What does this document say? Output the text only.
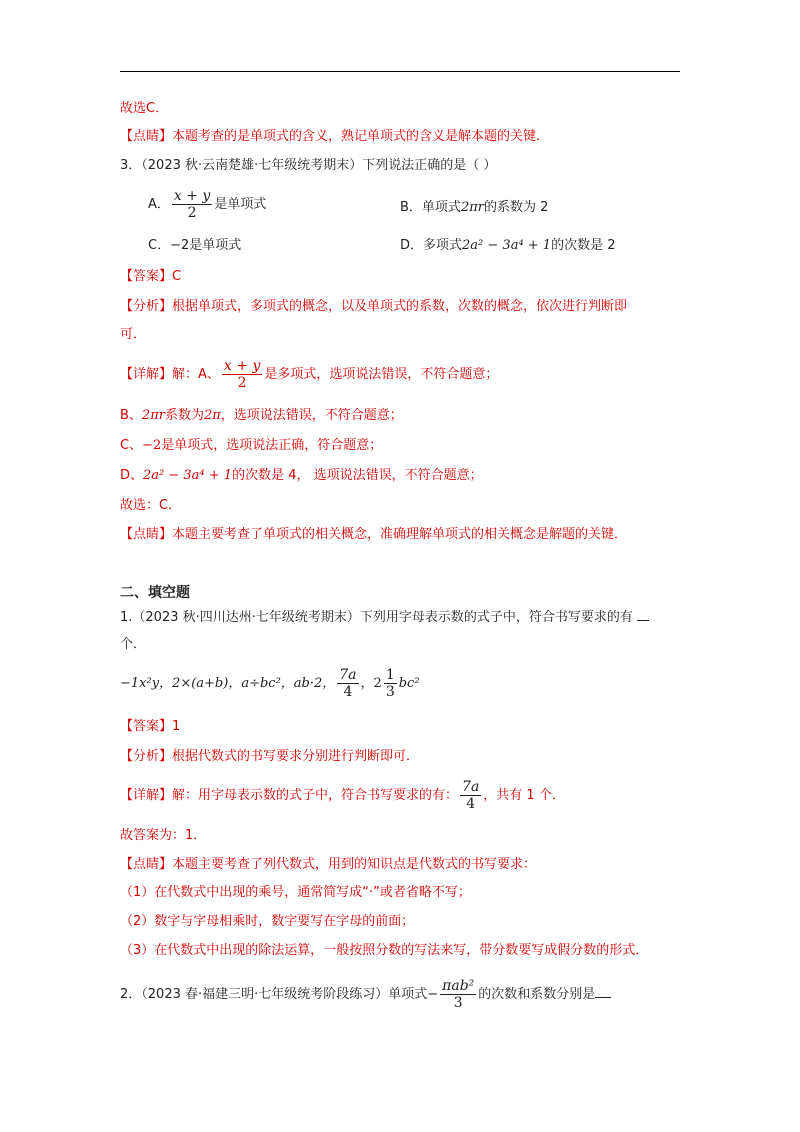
故选C．
【点睛】本题考查的是单项式的含义，熟记单项式的含义是解本题的关键．
3．（2023 秋·云南楚雄·七年级统考期末）下列说法正确的是（ ）
A． $\frac{x + y}{2}$ 是单项式	B．单项式2πr的系数为 2
C．−2是单项式	D．多项式2a² − 3a⁴ + 1的次数是 2
【答案】C
【分析】根据单项式，多项式的概念，以及单项式的系数，次数的概念，依次进行判断即
可．
【详解】解：A、 $\frac{x + y}{2}$ 是多项式，选项说法错误，不符合题意；
B、2πr系数为2π，选项说法错误，不符合题意；
C、−2是单项式，选项说法正确，符合题意；
D、2a² − 3a⁴ + 1的次数是 4， 选项说法错误，不符合题意；
故选：C．
【点睛】本题主要考查了单项式的相关概念，准确理解单项式的相关概念是解题的关键．
二、填空题
1.（2023 秋·四川达州·七年级统考期末）下列用字母表示数的式子中，符合书写要求的有
个．
−1x²y，2×(a+b)，a÷bc²，ab·2， $\frac{7a}{4}$ ，$2 \frac{1}{3} bc^2$
【答案】1
【分析】根据代数式的书写要求分别进行判断即可．
【详解】解：用字母表示数的式子中，符合书写要求的有： $\frac{7a}{4}$ ，共有 1 个．
故答案为：1．
【点睛】本题主要考查了列代数式，用到的知识点是代数式的书写要求：
（1）在代数式中出现的乘号，通常简写成“·”或者省略不写；
（2）数字与字母相乘时，数字要写在字母的前面；
（3）在代数式中出现的除法运算，一般按照分数的写法来写，带分数要写成假分数的形式．
2．（2023 春·福建三明·七年级统考阶段练习）单项式− $\frac{\text{πab²}}{3}$ 的次数和系数分别是
